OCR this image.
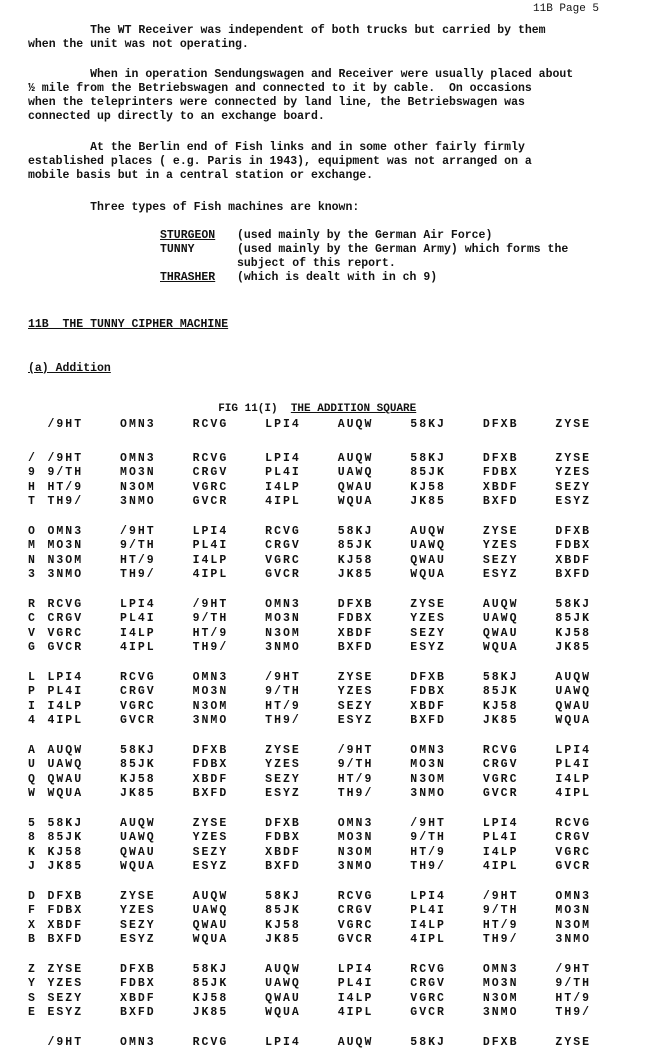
11B Page 5

The WT Receiver was independent of both trucks but carried by them
when the unit was not operating.

When in operation Sendungswagen and Receiver were usually placed about
½ mile from the Betriebswagen and connected to it by cable.  On occasions
when the teleprinters were connected by land line, the Betriebswagen was
connected up directly to an exchange board.

At the Berlin end of Fish links and in some other fairly firmly
established places ( e.g. Paris in 1943), equipment was not arranged on a
mobile basis but in a central station or exchange.

Three types of Fish machines are known:

STURGEON	(used mainly by the German Air Force)
TUNNY	(used mainly by the German Army) which forms the
subject of this report.
THRASHER	(which is dealt with in ch 9)
11B  THE TUNNY CIPHER MACHINE
(a) Addition

FIG 11(I) THE ADDITION SQUARE

/9HT	OMN3	RCVG	LPI4	AUQW	58KJ	DFXB	ZYSE
/ /9HT	OMN3	RCVG	LPI4	AUQW	58KJ	DFXB	ZYSE
9 9/TH	MO3N	CRGV	PL4I	UAWQ	85JK	FDBX	YZES
H HT/9	N3OM	VGRC	I4LP	QWAU	KJ58	XBDF	SEZY
T TH9/	3NMO	GVCR	4IPL	WQUA	JK85	BXFD	ESYZ
O OMN3	/9HT	LPI4	RCVG	58KJ	AUQW	ZYSE	DFXB
M MO3N	9/TH	PL4I	CRGV	85JK	UAWQ	YZES	FDBX
N N3OM	HT/9	I4LP	VGRC	KJ58	QWAU	SEZY	XBDF
3 3NMO	TH9/	4IPL	GVCR	JK85	WQUA	ESYZ	BXFD
R RCVG	LPI4	/9HT	OMN3	DFXB	ZYSE	AUQW	58KJ
C CRGV	PL4I	9/TH	MO3N	FDBX	YZES	UAWQ	85JK
V VGRC	I4LP	HT/9	N3OM	XBDF	SEZY	QWAU	KJ58
G GVCR	4IPL	TH9/	3NMO	BXFD	ESYZ	WQUA	JK85
L LPI4	RCVG	OMN3	/9HT	ZYSE	DFXB	58KJ	AUQW
P PL4I	CRGV	MO3N	9/TH	YZES	FDBX	85JK	UAWQ
I I4LP	VGRC	N3OM	HT/9	SEZY	XBDF	KJ58	QWAU
4 4IPL	GVCR	3NMO	TH9/	ESYZ	BXFD	JK85	WQUA
A AUQW	58KJ	DFXB	ZYSE	/9HT	OMN3	RCVG	LPI4
U UAWQ	85JK	FDBX	YZES	9/TH	MO3N	CRGV	PL4I
Q QWAU	KJ58	XBDF	SEZY	HT/9	N3OM	VGRC	I4LP
W WQUA	JK85	BXFD	ESYZ	TH9/	3NMO	GVCR	4IPL
5 58KJ	AUQW	ZYSE	DFXB	OMN3	/9HT	LPI4	RCVG
8 85JK	UAWQ	YZES	FDBX	MO3N	9/TH	PL4I	CRGV
K KJ58	QWAU	SEZY	XBDF	N3OM	HT/9	I4LP	VGRC
J JK85	WQUA	ESYZ	BXFD	3NMO	TH9/	4IPL	GVCR
D DFXB	ZYSE	AUQW	58KJ	RCVG	LPI4	/9HT	OMN3
F FDBX	YZES	UAWQ	85JK	CRGV	PL4I	9/TH	MO3N
X XBDF	SEZY	QWAU	KJ58	VGRC	I4LP	HT/9	N3OM
B BXFD	ESYZ	WQUA	JK85	GVCR	4IPL	TH9/	3NMO
Z ZYSE	DFXB	58KJ	AUQW	LPI4	RCVG	OMN3	/9HT
Y YZES	FDBX	85JK	UAWQ	PL4I	CRGV	MO3N	9/TH
S SEZY	XBDF	KJ58	QWAU	I4LP	VGRC	N3OM	HT/9
E ESYZ	BXFD	JK85	WQUA	4IPL	GVCR	3NMO	TH9/
/9HT	OMN3	RCVG	LPI4	AUQW	58KJ	DFXB	ZYSE
